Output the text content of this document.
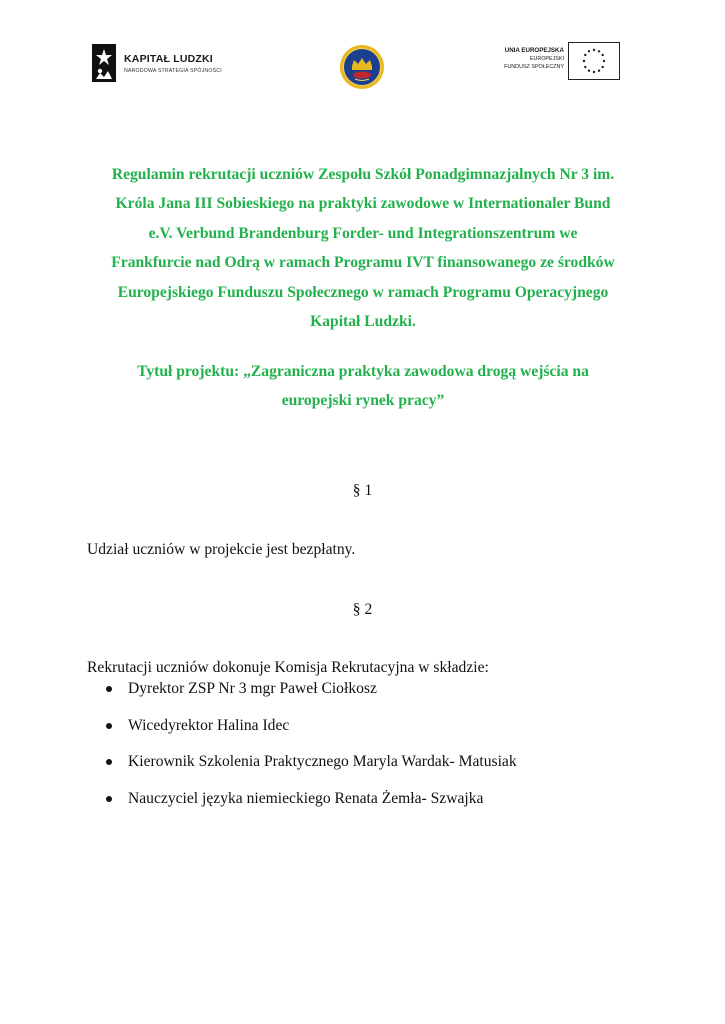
KAPITAŁ LUDZKI
NARODOWA STRATEGIA SPÓJNOŚCI
UNIA EUROPEJSKA
EUROPEJSKI
FUNDUSZ SPOŁECZNY
Regulamin rekrutacji uczniów Zespołu Szkół Ponadgimnazjalnych Nr 3 im.
Króla Jana III Sobieskiego na praktyki zawodowe w Internationaler Bund
e.V. Verbund Brandenburg Forder- und Integrationszentrum we
Frankfurcie nad Odrą w ramach Programu IVT finansowanego ze środków
Europejskiego Funduszu Społecznego w ramach Programu Operacyjnego
Kapitał Ludzki.
Tytuł projektu: „Zagraniczna praktyka zawodowa drogą wejścia na
europejski rynek pracy”
§ 1
Udział uczniów w projekcie jest bezpłatny.
§ 2
Rekrutacji uczniów dokonuje Komisja Rekrutacyjna w składzie:
Dyrektor ZSP Nr 3 mgr Paweł Ciołkosz
Wicedyrektor Halina Idec
Kierownik Szkolenia Praktycznego Maryla Wardak- Matusiak
Nauczyciel języka niemieckiego Renata Żemła- Szwajka
